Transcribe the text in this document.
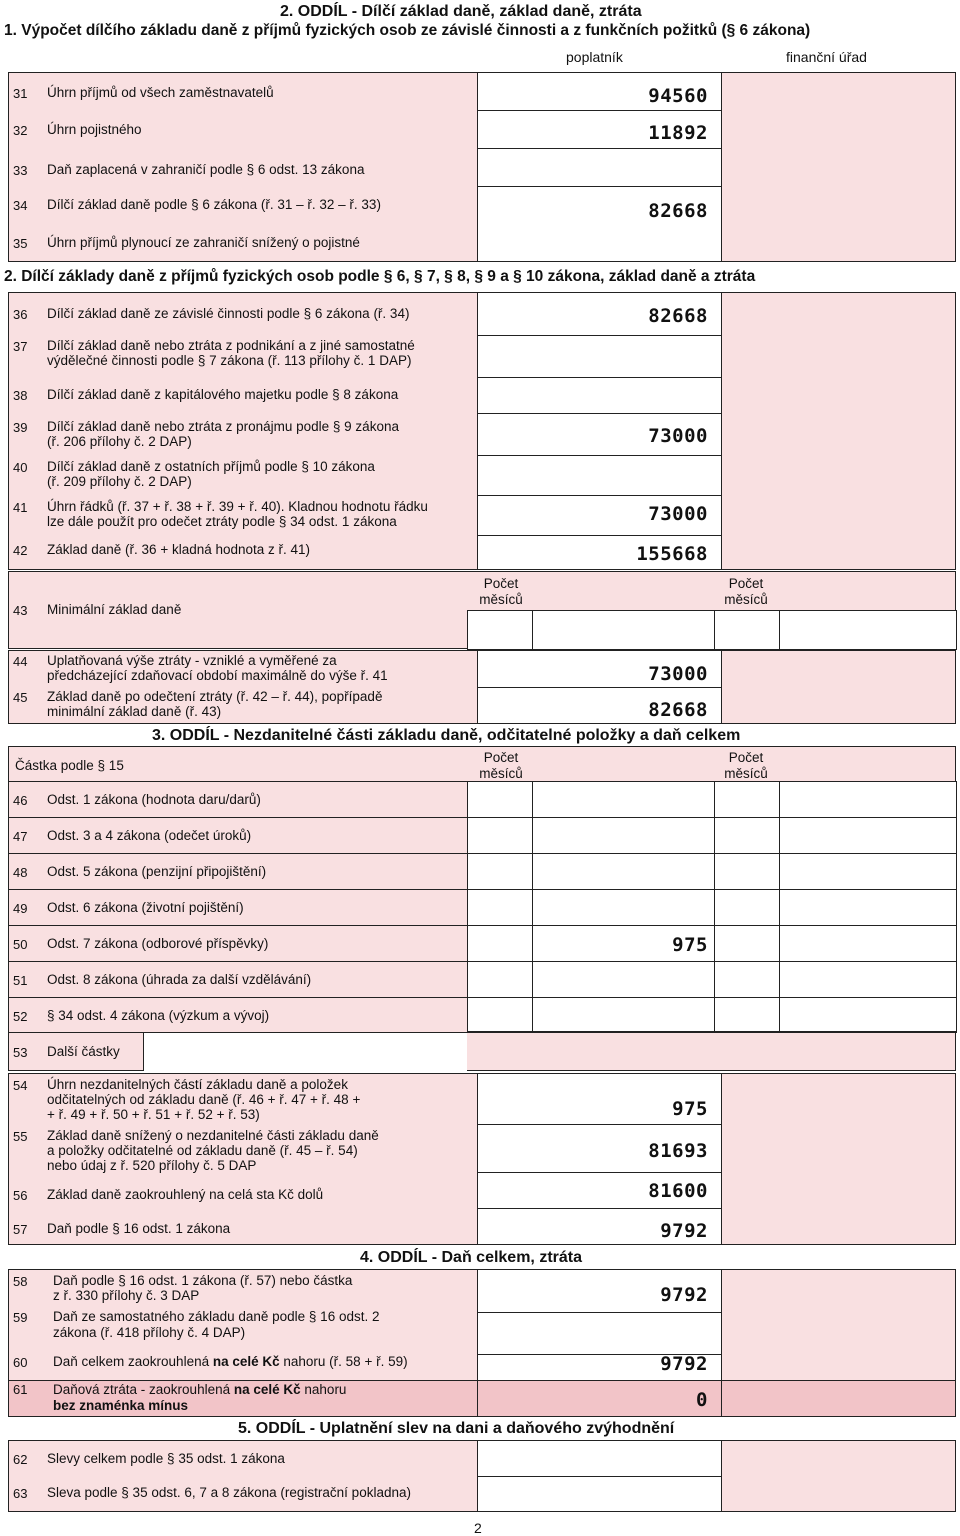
2. ODDÍL - Dílčí základ daně, základ daně, ztráta
1. Výpočet dílčího základu daně z příjmů fyzických osob ze závislé činnosti a z funkčních požitků (§ 6 zákona)
poplatník	finanční úřad
31 Úhrn příjmů od všech zaměstnavatelů	94560
32 Úhrn pojistného	11892
33 Daň zaplacená v zahraničí podle § 6 odst. 13 zákona
34 Dílčí základ daně podle § 6 zákona (ř. 31 – ř. 32 – ř. 33)	82668
35 Úhrn příjmů plynoucí ze zahraničí snížený o pojistné
2. Dílčí základy daně z příjmů fyzických osob podle § 6, § 7, § 8, § 9 a § 10 zákona, základ daně a ztráta
36 Dílčí základ daně ze závislé činnosti podle § 6 zákona (ř. 34)	82668
37 Dílčí základ daně nebo ztráta z podnikání a z jiné samostatné
výdělečné činnosti podle § 7 zákona (ř. 113 přílohy č. 1 DAP)
38 Dílčí základ daně z kapitálového majetku podle § 8 zákona
39 Dílčí základ daně nebo ztráta z pronájmu podle § 9 zákona
(ř. 206 přílohy č. 2 DAP)	73000
40 Dílčí základ daně z ostatních příjmů podle § 10 zákona
(ř. 209 přílohy č. 2 DAP)
41 Úhrn řádků (ř. 37 + ř. 38 + ř. 39 + ř. 40). Kladnou hodnotu řádku
lze dále použít pro odečet ztráty podle § 34 odst. 1 zákona	73000
42 Základ daně (ř. 36 + kladná hodnota z ř. 41)	155668
43 Minimální základ daně
Počet měsíců
Počet měsíců
44 Uplatňovaná výše ztráty - vzniklé a vyměřené za
předcházející zdaňovací období maximálně do výše ř. 41	73000
45 Základ daně po odečtení ztráty (ř. 42 – ř. 44), popřípadě
minimální základ daně (ř. 43)	82668
3. ODDÍL - Nezdanitelné části základu daně, odčitatelné položky a daň celkem
Částka podle § 15
Počet měsíců
Počet měsíců
46 Odst. 1 zákona (hodnota daru/darů)
47 Odst. 3 a 4 zákona (odečet úroků)
48 Odst. 5 zákona (penzijní připojištění)
49 Odst. 6 zákona (životní pojištění)
50 Odst. 7 zákona (odborové příspěvky)	975
51 Odst. 8 zákona (úhrada za další vzdělávání)
52 § 34 odst. 4 zákona (výzkum a vývoj)
53 Další částky
54 Úhrn nezdanitelných částí základu daně a položek
odčitatelných od základu daně (ř. 46 + ř. 47 + ř. 48 +
+ ř. 49 + ř. 50 + ř. 51 + ř. 52 + ř. 53)	975
55 Základ daně snížený o nezdanitelné části základu daně
a položky odčitatelné od základu daně (ř. 45 – ř. 54)
nebo údaj z ř. 520 přílohy č. 5 DAP
81693
56 Základ daně zaokrouhlený na celá sta Kč dolů	81600
57 Daň podle § 16 odst. 1 zákona	9792
4. ODDÍL - Daň celkem, ztráta
58 Daň podle § 16 odst. 1 zákona (ř. 57) nebo částka
z ř. 330 přílohy č. 3 DAP	9792
59 Daň ze samostatného základu daně podle § 16 odst. 2
zákona (ř. 418 přílohy č. 4 DAP)
60 Daň celkem zaokrouhlená na celé Kč nahoru (ř. 58 + ř. 59)	9792
61 Daňová ztráta - zaokrouhlená na celé Kč nahoru
bez znaménka mínus	0
5. ODDÍL - Uplatnění slev na dani a daňového zvýhodnění
62 Slevy celkem podle § 35 odst. 1 zákona
63 Sleva podle § 35 odst. 6, 7 a 8 zákona (registrační pokladna)
2
